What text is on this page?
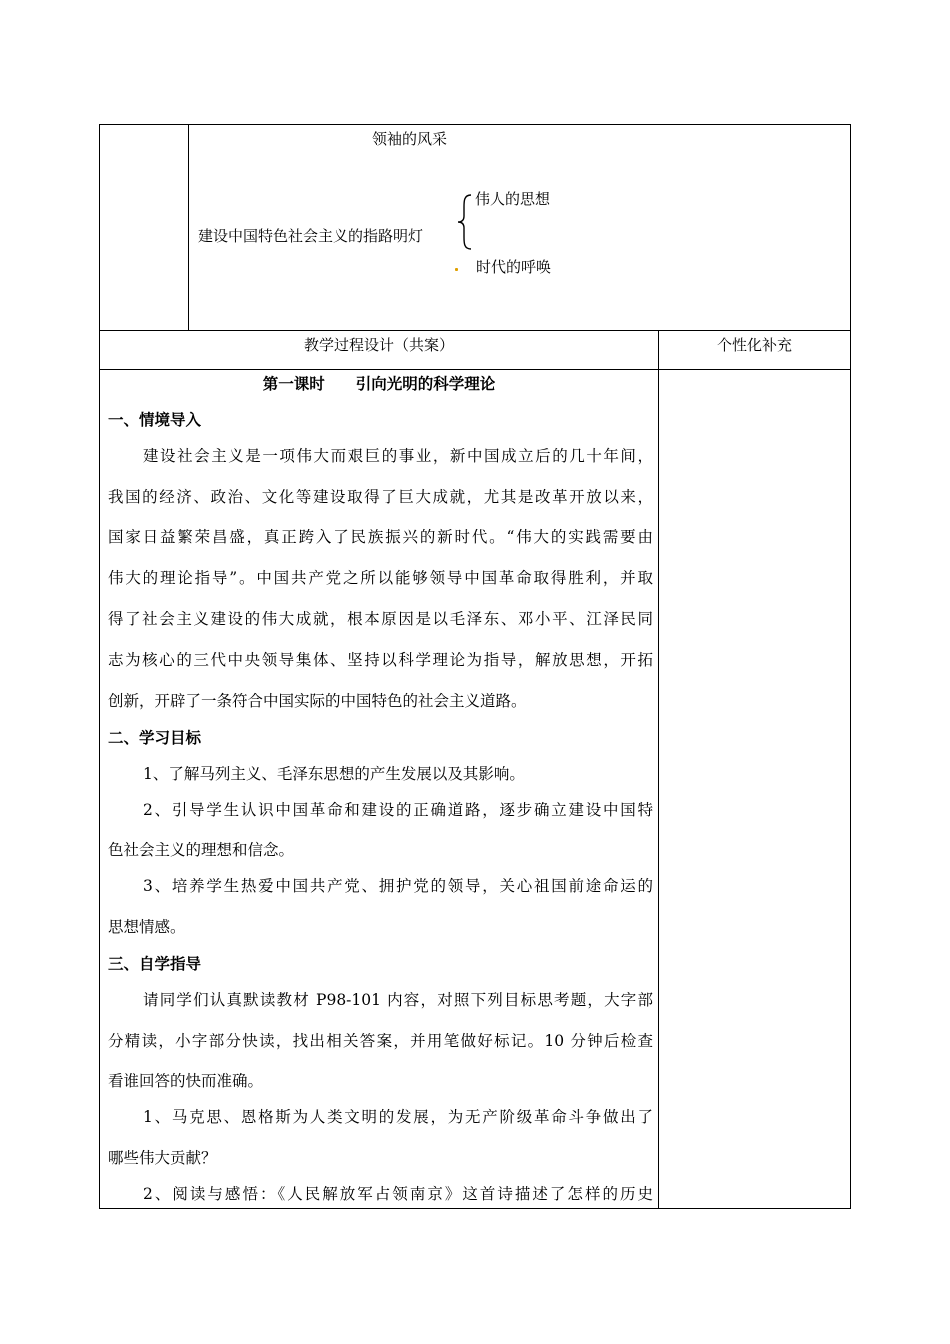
领袖的风采
伟人的思想
建设中国特色社会主义的指路明灯
时代的呼唤
教学过程设计（共案）	个性化补充
第一课时　　引向光明的科学理论
一、情境导入
建设社会主义是一项伟大而艰巨的事业，新中国成立后的几十年间，
我国的经济、政治、文化等建设取得了巨大成就，尤其是改革开放以来，
国家日益繁荣昌盛，真正跨入了民族振兴的新时代。“伟大的实践需要由
伟大的理论指导”。中国共产党之所以能够领导中国革命取得胜利，并取
得了社会主义建设的伟大成就，根本原因是以毛泽东、邓小平、江泽民同
志为核心的三代中央领导集体、坚持以科学理论为指导，解放思想，开拓
创新，开辟了一条符合中国实际的中国特色的社会主义道路。
二、学习目标
1、了解马列主义、毛泽东思想的产生发展以及其影响。
2、引导学生认识中国革命和建设的正确道路，逐步确立建设中国特
色社会主义的理想和信念。
3、培养学生热爱中国共产党、拥护党的领导，关心祖国前途命运的
思想情感。
三、自学指导
请同学们认真默读教材 P98-101 内容，对照下列目标思考题，大字部
分精读，小字部分快读，找出相关答案，并用笔做好标记。10 分钟后检查
看谁回答的快而准确。
1、马克思、恩格斯为人类文明的发展，为无产阶级革命斗争做出了
哪些伟大贡献？
2、阅读与感悟：《人民解放军占领南京》这首诗描述了怎样的历史
